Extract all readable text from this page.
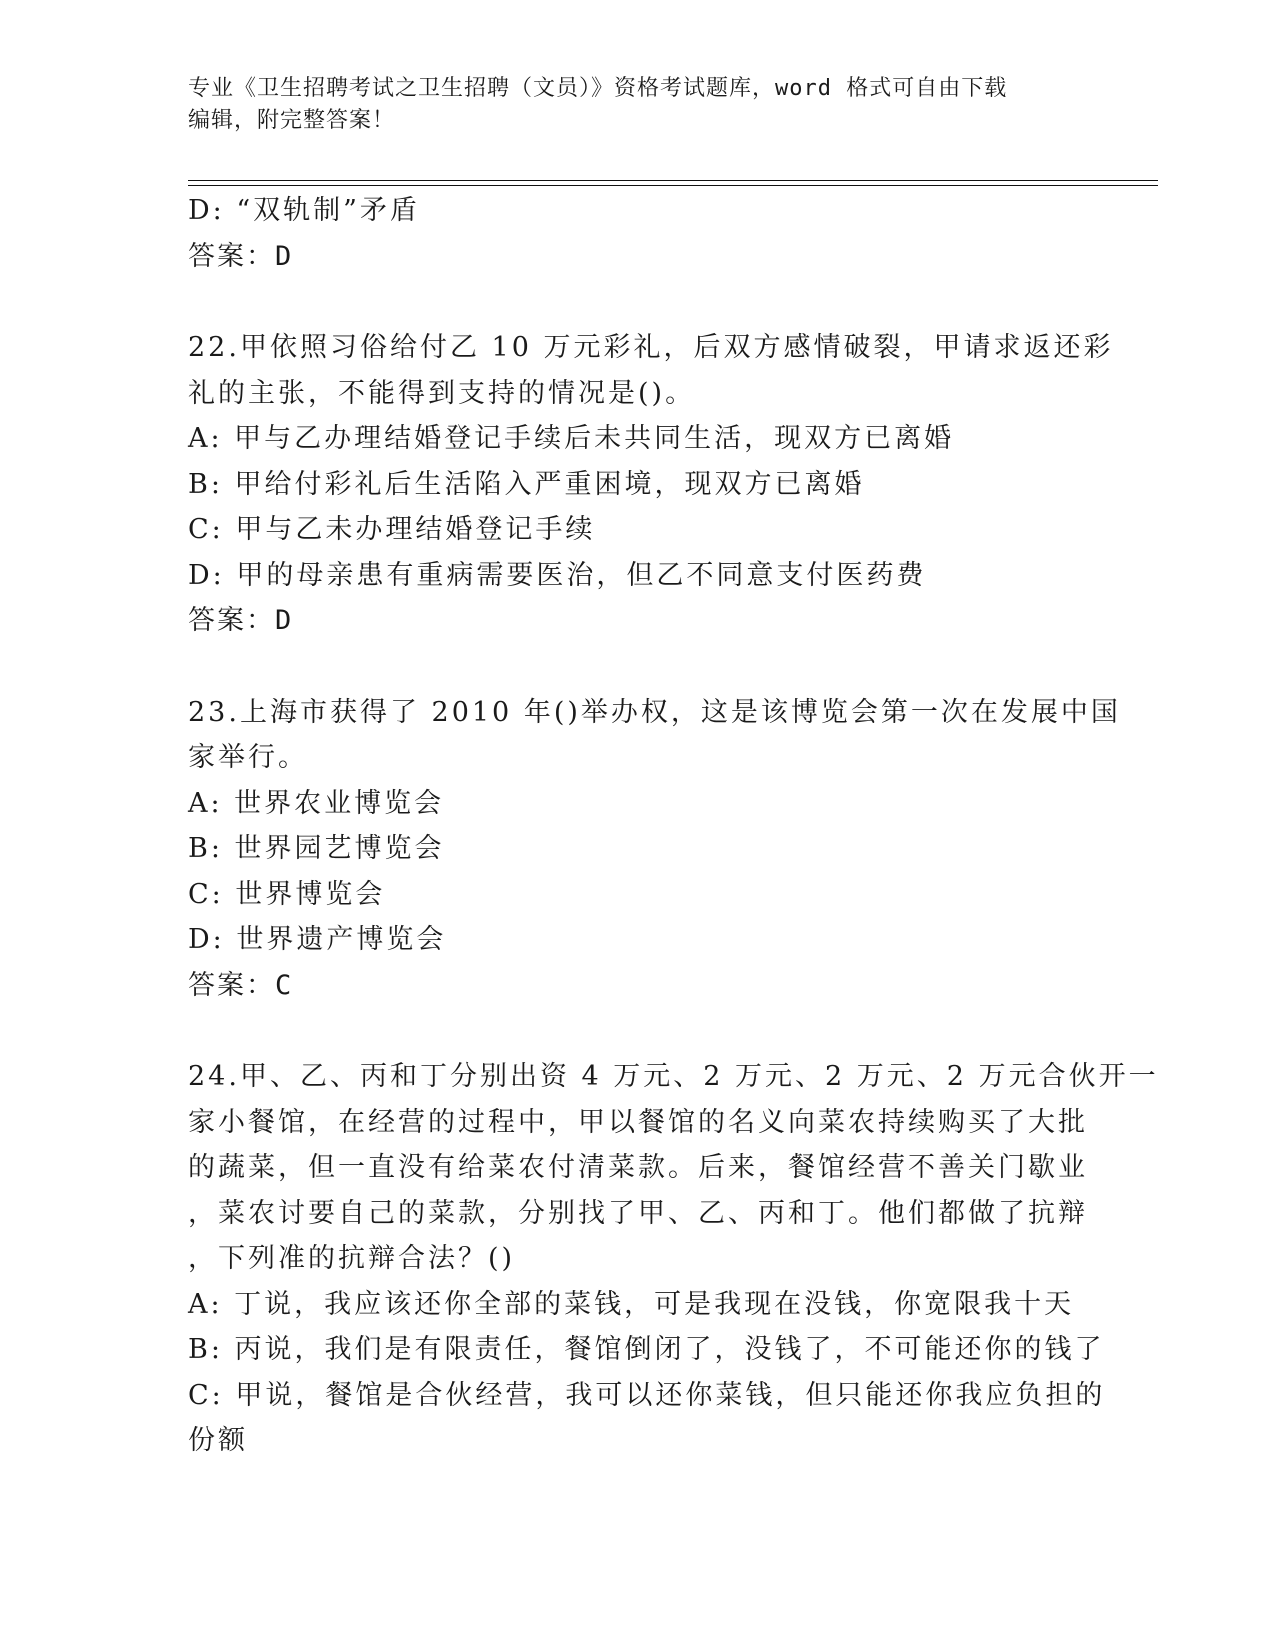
专业《卫生招聘考试之卫生招聘（文员）》资格考试题库，word 格式可自由下载
编辑，附完整答案！
D: “双轨制”矛盾
答案：D
22.甲依照习俗给付乙 10 万元彩礼，后双方感情破裂，甲请求返还彩
礼的主张，不能得到支持的情况是()。
A: 甲与乙办理结婚登记手续后未共同生活，现双方已离婚
B: 甲给付彩礼后生活陷入严重困境，现双方已离婚
C: 甲与乙未办理结婚登记手续
D: 甲的母亲患有重病需要医治，但乙不同意支付医药费
答案：D
23.上海市获得了 2010 年()举办权，这是该博览会第一次在发展中国
家举行。
A: 世界农业博览会
B: 世界园艺博览会
C: 世界博览会
D: 世界遗产博览会
答案：C
24.甲、乙、丙和丁分别出资 4 万元、2 万元、2 万元、2 万元合伙开一
家小餐馆，在经营的过程中，甲以餐馆的名义向菜农持续购买了大批
的蔬菜，但一直没有给菜农付清菜款。后来，餐馆经营不善关门歇业
，菜农讨要自己的菜款，分别找了甲、乙、丙和丁。他们都做了抗辩
，下列准的抗辩合法？()
A: 丁说，我应该还你全部的菜钱，可是我现在没钱，你宽限我十天
B: 丙说，我们是有限责任，餐馆倒闭了，没钱了，不可能还你的钱了
C: 甲说，餐馆是合伙经营，我可以还你菜钱，但只能还你我应负担的
份额
